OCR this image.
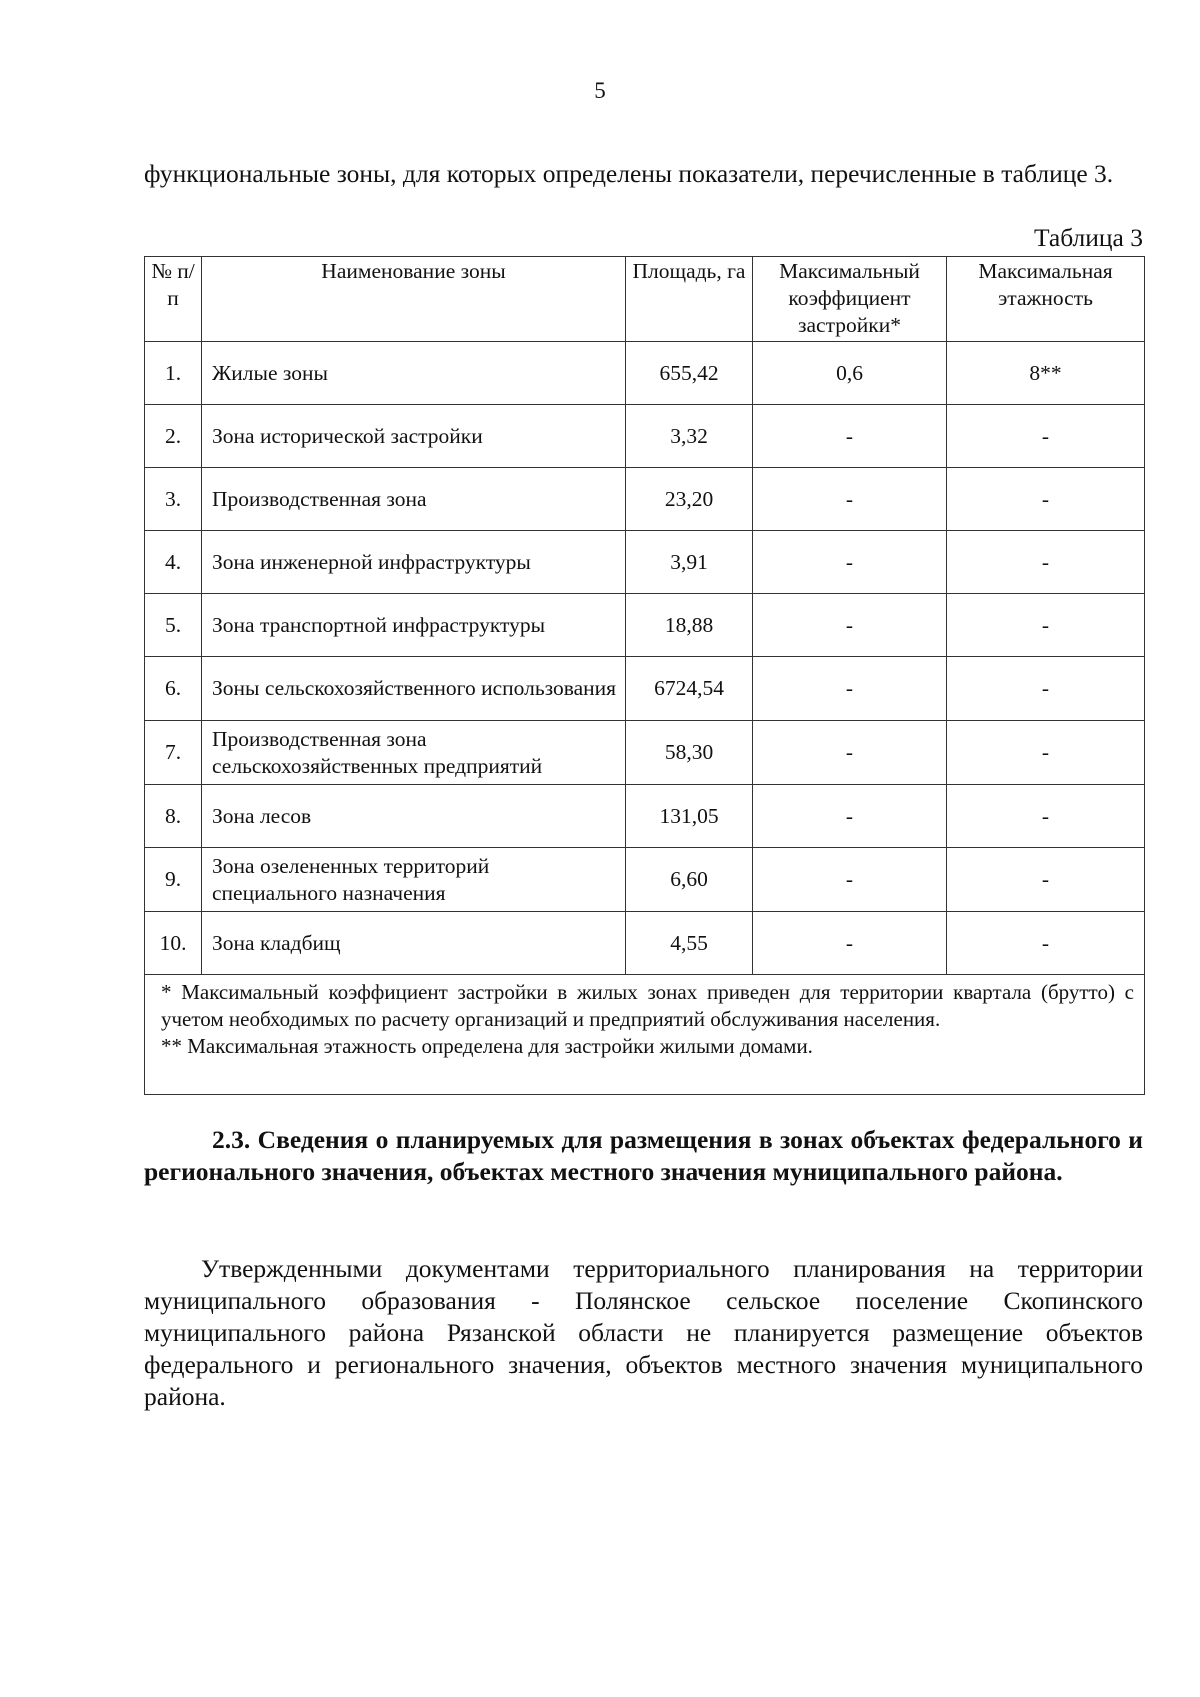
5
функциональные зоны, для которых определены показатели, перечисленные в таблице 3.
Таблица 3
№ п/п	Наименование зоны	Площадь, га	Максимальный коэффициент застройки*	Максимальная этажность
1.	Жилые зоны	655,42	0,6	8**
2.	Зона исторической застройки	3,32	-	-
3.	Производственная зона	23,20	-	-
4.	Зона инженерной инфраструктуры	3,91	-	-
5.	Зона транспортной инфраструктуры	18,88	-	-
6.	Зоны сельскохозяйственного использования	6724,54	-	-
7.	Производственная зона сельскохозяйственных предприятий	58,30	-	-
8.	Зона лесов	131,05	-	-
9.	Зона озелененных территорий специального назначения	6,60	-	-
10.	Зона кладбищ	4,55	-	-

* Максимальный коэффициент застройки в жилых зонах приведен для территории квартала (брутто) с учетом необходимых по расчету организаций и предприятий обслуживания населения.
** Максимальная этажность определена для застройки жилыми домами.				
2.3. Сведения о планируемых для размещения в зонах объектах федерального и регионального значения, объектах местного значения муниципального района.
Утвержденными документами территориального планирования на территории муниципального образования - Полянское сельское поселение Скопинского муниципального района Рязанской области не планируется размещение объектов федерального и регионального значения, объектов местного значения муниципального района.
